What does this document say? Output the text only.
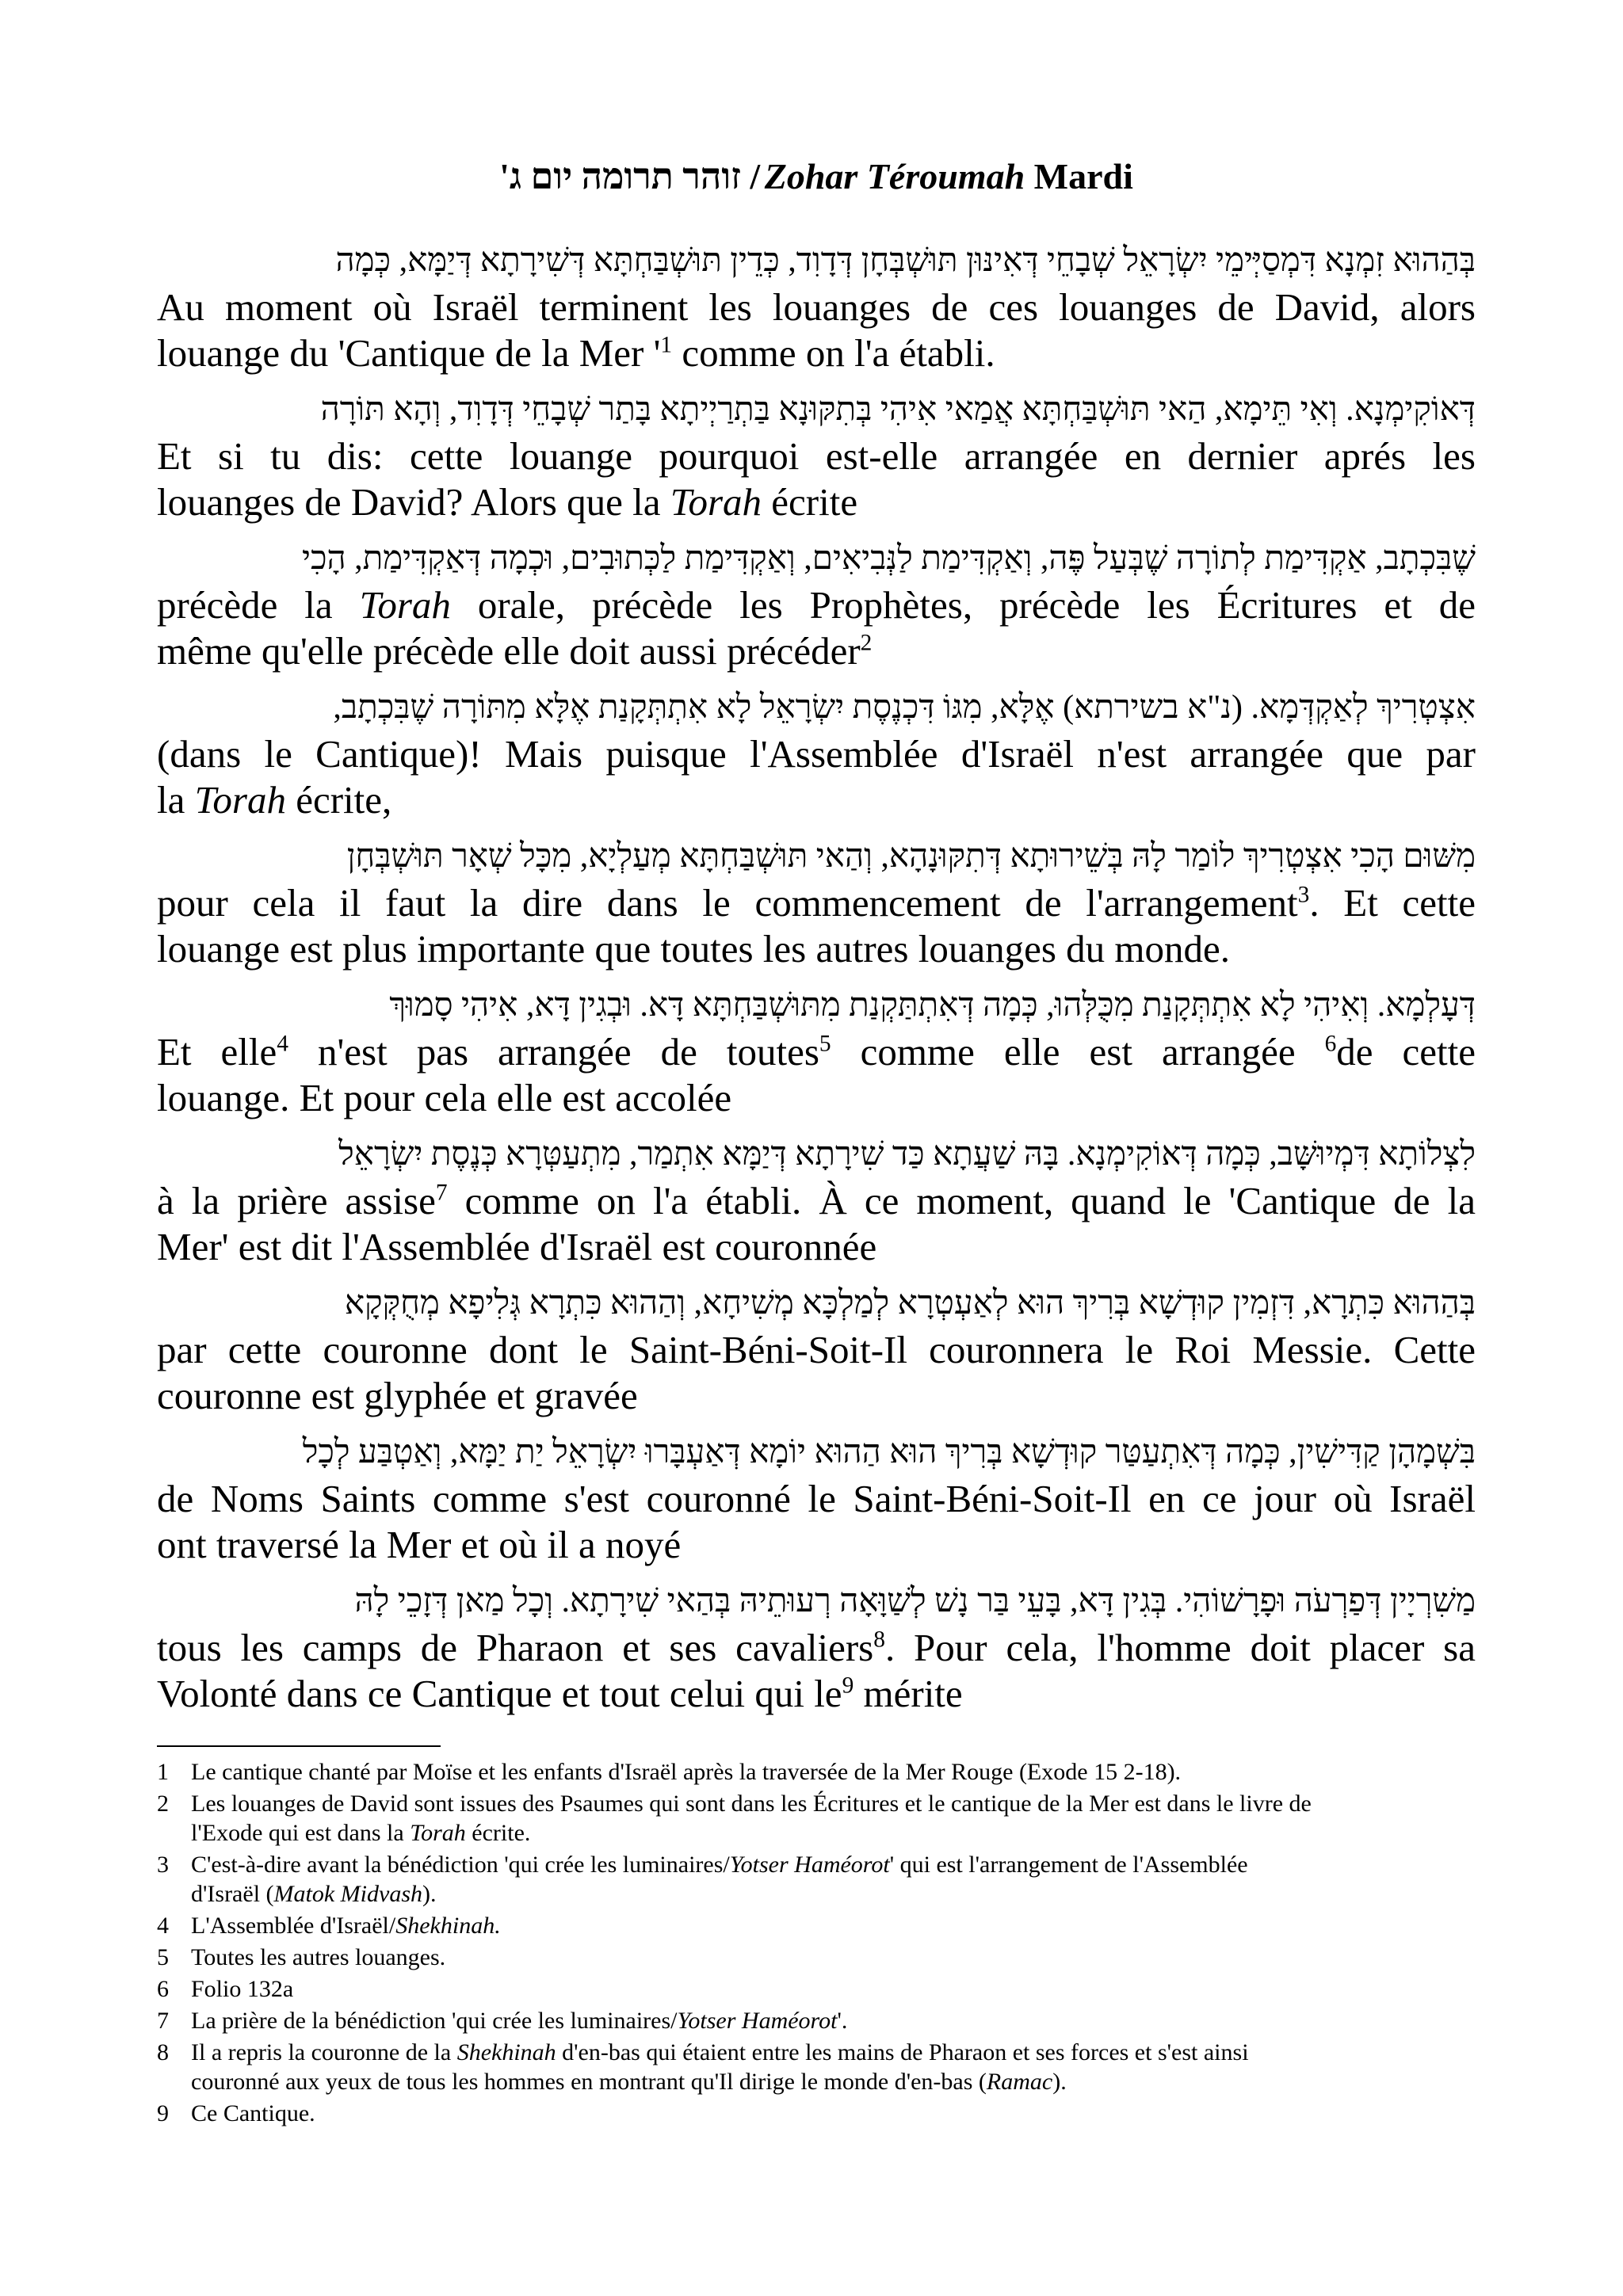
זוהר תרומה יום ג' / Zohar Téroumah Mardi
בְּהַהוּא זִמְנָא דִּמְסַיְּימֵי יִשְׂרָאֵל שְׁבָחֵי דְּאִינּוּן תּוּשְׁבְּחָן דְּדָוִד, כְּדֵין תּוּשְׁבַּחְתָּא דְּשִׁירָתָא דְּיַמָּא, כְּמָה
Au moment où Israël terminent les louanges de ces louanges de David, alors
louange du 'Cantique de la Mer '$^1$ comme on l'a établi.
דְּאוֹקִימְנָא. וְאִי תֵּימָא, הַאי תּוּשְׁבַּחְתָּא אֲמַאי אִיהִי בְּתִקּוּנָא בַּתְרַיְיתָא בָּתַר שְׁבָחֵי דְּדָוִד, וְהָא תּוֹרָה
Et si tu dis: cette louange pourquoi est-elle arrangée en dernier aprés les
louanges de David? Alors que la Torah écrite
שֶׁבִּכְתָב, אַקְדִּימַת לְתוֹרָה שֶׁבְּעַל פֶּה, וְאַקְדִּימַת לַנְּבִיאִים, וְאַקְדִּימַת לַכְּתוּבִים, וּכְמָה דְּאַקְדִּימַת, הָכִי
précède la Torah orale, précède les Prophètes, précède les Écritures et de
même qu'elle précède elle doit aussi précéder$^2$
אִצְטְרִיךְ לְאַקְדְּמָא. (נ"א בשירתא) אֶלָּא, מִגּוֹ דִּכְנֶסֶת יִשְׂרָאֵל לָא אִתְתְּקָנַת אֶלָּא מִתּוֹרָה שֶׁבִּכְתָב,
(dans le Cantique)! Mais puisque l'Assemblée d'Israël n'est arrangée que par
la Torah écrite,
מִשּׁוּם הָכִי אִצְטְרִיךְ לוֹמַר לָהּ בְּשֵׁירוּתָא דְּתִקּוּנָהָא, וְהַאי תּוּשְׁבַּחְתָּא מְעַלְיָא, מִכָּל שְׁאָר תּוּשְׁבְּחָן
pour cela il faut la dire dans le commencement de l'arrangement$^3$. Et cette
louange est plus importante que toutes les autres louanges du monde.
דְּעָלְמָא. וְאִיהִי לָא אִתְתְּקָנַת מִכֻּלְּהוּ, כְּמָה דְּאִתְתַּקְנַת מִתּוּשְׁבַּחְתָּא דָּא. וּבְגִין דָּא, אִיהִי סָמוּךְ
Et elle$^4$ n'est pas arrangée de toutes$^5$ comme elle est arrangée $^6$de cette
louange. Et pour cela elle est accolée
לִצְלוֹתָא דִּמְיוּשָּׁב, כְּמָה דְּאוֹקִימְנָא. בָּהּ שַׁעֲתָא כַּד שִׁירָתָא דְּיַמָּא אִתְמַר, מִתְעַטְּרָא כְּנֶסֶת יִשְׂרָאֵל
à la prière assise$^7$ comme on l'a établi. À ce moment, quand le 'Cantique de la
Mer' est dit l'Assemblée d'Israël est couronnée
בְּהַהוּא כִּתְרָא, דִּזְמִין קוּדְשָׁא בְּרִיךְ הוּא לְאַעְטְרָא לְמַלְכָּא מְשִׁיחָא, וְהַהוּא כִּתְרָא גְּלִיפָא מְחֻקְּקָא
par cette couronne dont le Saint-Béni-Soit-Il couronnera le Roi Messie. Cette
couronne est glyphée et gravée
בִּשְׁמָהָן קַדִּישִׁין, כְּמָה דְּאִתְעַטַּר קוּדְשָׁא בְּרִיךְ הוּא הַהוּא יוֹמָא דְּאַעְבָּרוּ יִשְׂרָאֵל יַת יַמָּא, וְאַטְבַּע לְכָל
de Noms Saints comme s'est couronné le Saint-Béni-Soit-Il en ce jour où Israël
ont traversé la Mer et où il a noyé
מַשִׁרְיָין דְּפַרְעֹה וּפָרָשׁוֹהִי. בְּגִין דָּא, בָּעֵי בַּר נָשׁ לְשַׁוָּאָה רְעוּתֵיהּ בְּהַאי שִׁירָתָא. וְכָל מַאן דְּזָכֵי לָהּ
tous les camps de Pharaon et ses cavaliers$^8$. Pour cela, l'homme doit placer sa
Volonté dans ce Cantique et tout celui qui $le^9$ mérite
1 Le cantique chanté par Moïse et les enfants d'Israël après la traversée de la Mer Rouge (Exode 15 2-18).
2 Les louanges de David sont issues des Psaumes qui sont dans les Écritures et le cantique de la Mer est dans le livre de
l'Exode qui est dans la Torah écrite.
3 C'est-à-dire avant la bénédiction 'qui crée les luminaires/Yotser Haméorot' qui est l'arrangement de l'Assemblée
d'Israël (Matok Midvash).
4 L'Assemblée d'Israël/Shekhinah.
5 Toutes les autres louanges.
6 Folio 132a
7 La prière de la bénédiction 'qui crée les luminaires/Yotser Haméorot'.
8 Il a repris la couronne de la Shekhinah d'en-bas qui étaient entre les mains de Pharaon et ses forces et s'est ainsi
couronné aux yeux de tous les hommes en montrant qu'Il dirige le monde d'en-bas (Ramac).
9 Ce Cantique.
